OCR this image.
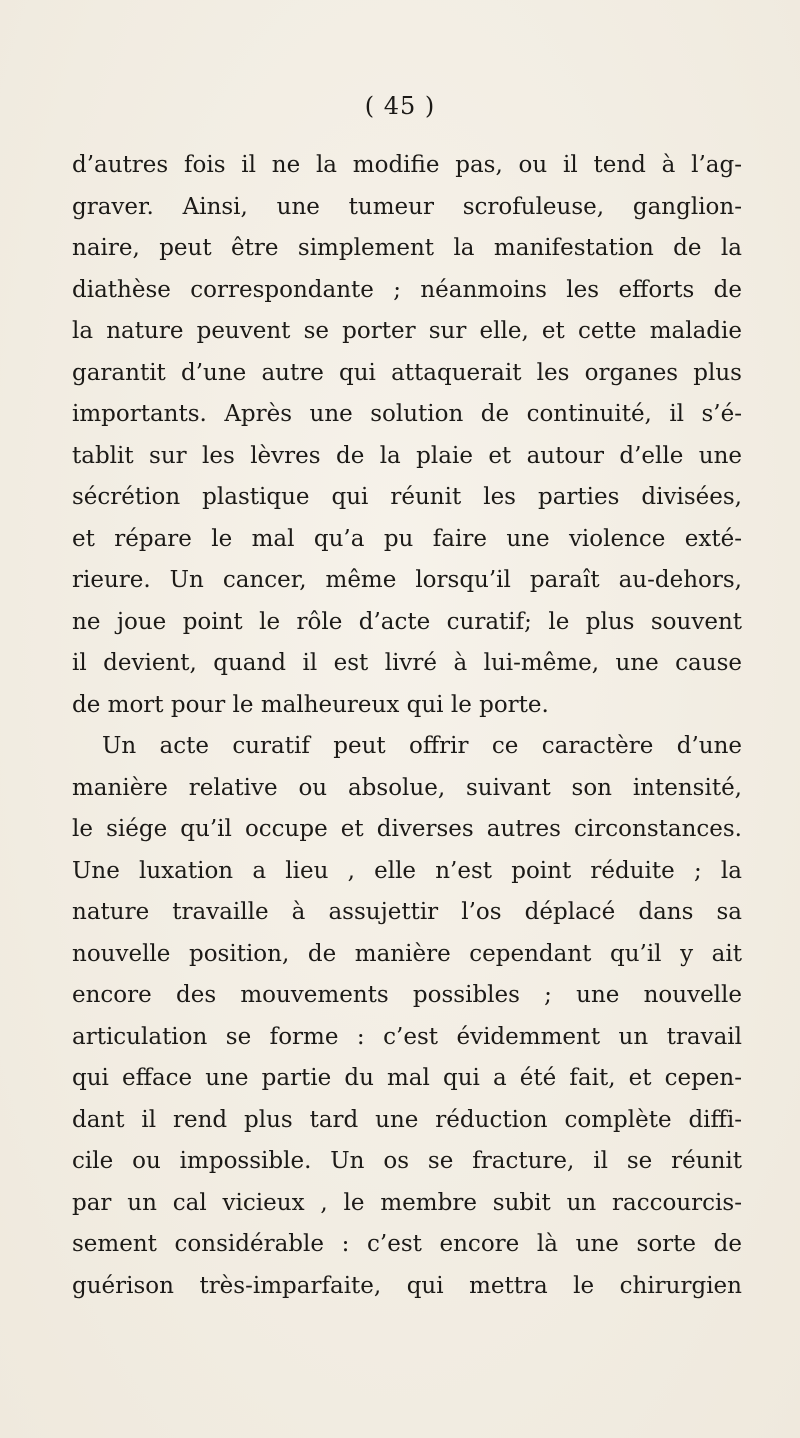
( 45 )
d’autres fois il ne la modifie pas, ou il tend à l’ag-
graver. Ainsi, une tumeur scrofuleuse, ganglion-
naire, peut être simplement la manifestation de la
diathèse correspondante ; néanmoins les efforts de
la nature peuvent se porter sur elle, et cette maladie
garantit d’une autre qui attaquerait les organes plus
importants. Après une solution de continuité, il s’é-
tablit sur les lèvres de la plaie et autour d’elle une
sécrétion plastique qui réunit les parties divisées,
et répare le mal qu’a pu faire une violence exté-
rieure. Un cancer, même lorsqu’il paraît au-dehors,
ne joue point le rôle d’acte curatif; le plus souvent
il devient, quand il est livré à lui-même, une cause
de mort pour le malheureux qui le porte.
Un acte curatif peut offrir ce caractère d’une
manière relative ou absolue, suivant son intensité,
le siége qu’il occupe et diverses autres circonstances.
Une luxation a lieu , elle n’est point réduite ; la
nature travaille à assujettir l’os déplacé dans sa
nouvelle position, de manière cependant qu’il y ait
encore des mouvements possibles ; une nouvelle
articulation se forme : c’est évidemment un travail
qui efface une partie du mal qui a été fait, et cepen-
dant il rend plus tard une réduction complète diffi-
cile ou impossible. Un os se fracture, il se réunit
par un cal vicieux , le membre subit un raccourcis-
sement considérable : c’est encore là une sorte de
guérison très-imparfaite, qui mettra le chirurgien
